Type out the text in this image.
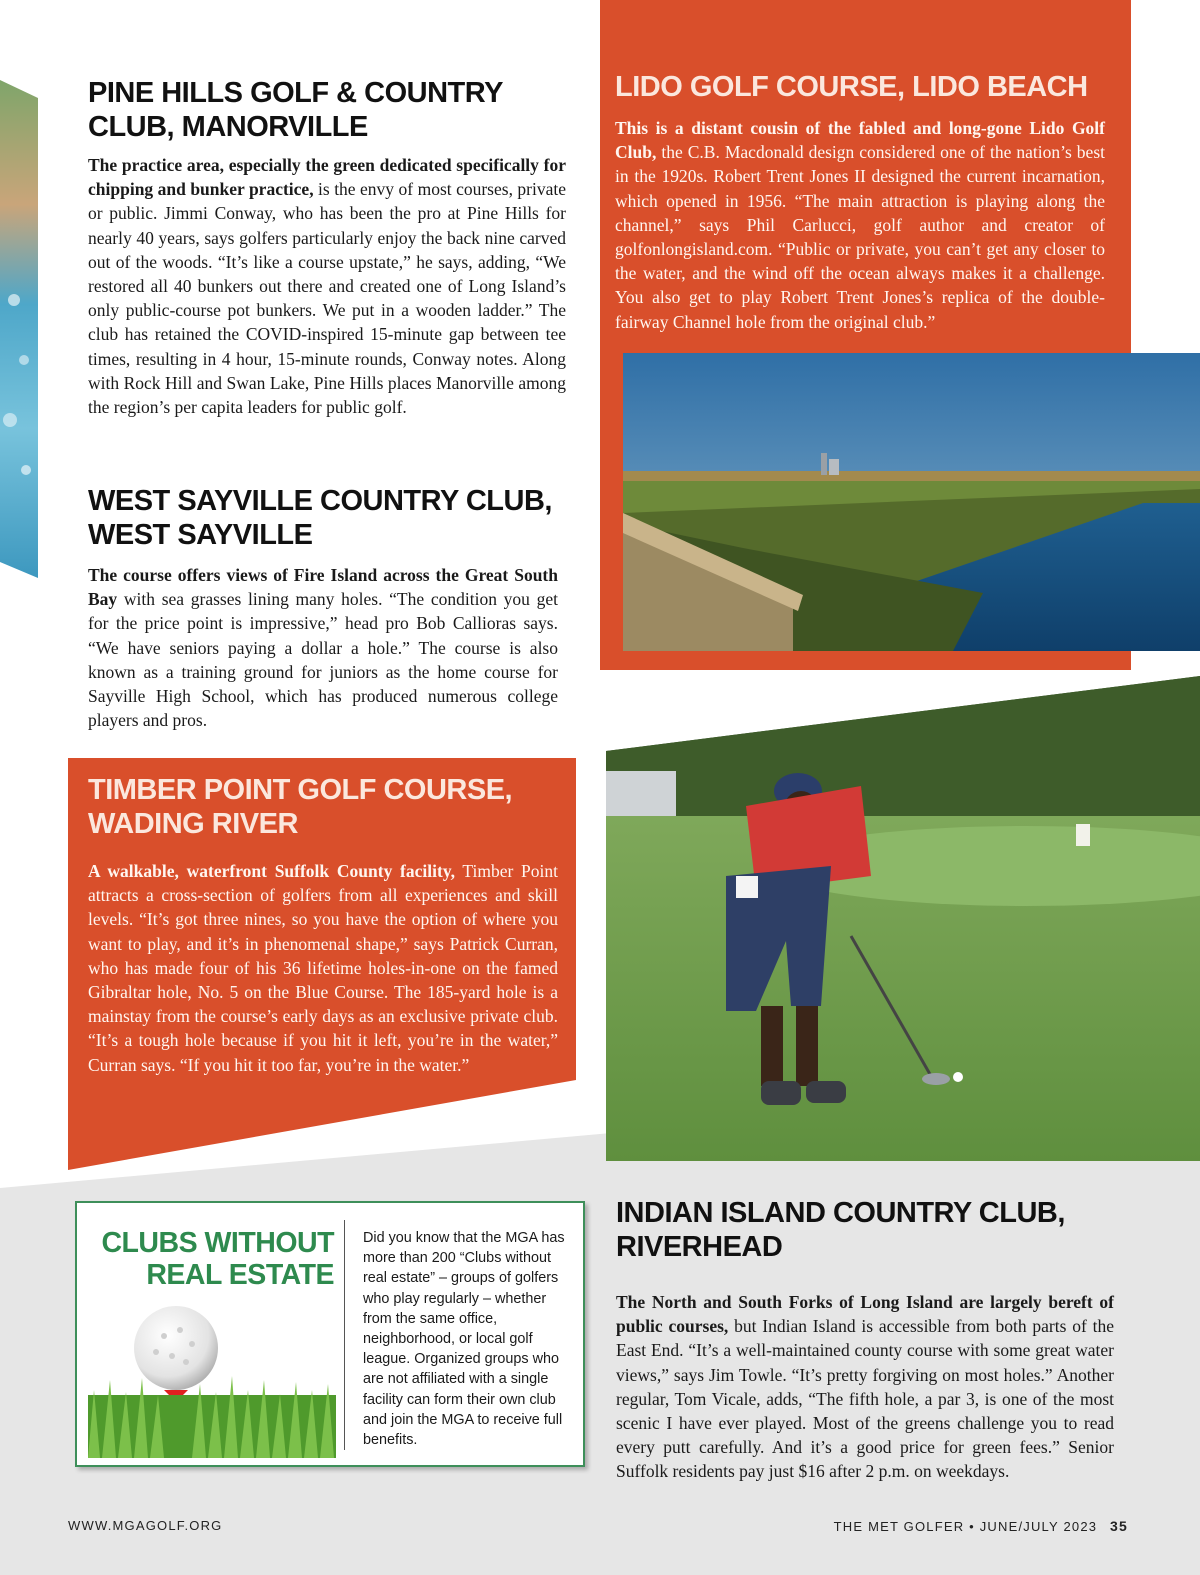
PINE HILLS GOLF & COUNTRY
CLUB, MANORVILLE

The practice area, especially the green dedicated specifically for chipping and bunker practice, is the envy of most courses, private or public. Jimmi Conway, who has been the pro at Pine Hills for nearly 40 years, says golfers particularly enjoy the back nine carved out of the woods. “It’s like a course upstate,” he says, adding, “We restored all 40 bunkers out there and created one of Long Island’s only public-course pot bunkers. We put in a wooden ladder.” The club has retained the COVID-inspired 15-minute gap between tee times, resulting in 4 hour, 15-minute rounds, Conway notes. Along with Rock Hill and Swan Lake, Pine Hills places Manorville among the region’s per capita leaders for public golf.

WEST SAYVILLE COUNTRY CLUB,
WEST SAYVILLE

The course offers views of Fire Island across the Great South Bay with sea grasses lining many holes. “The condition you get for the price point is impressive,” head pro Bob Callioras says. “We have seniors paying a dollar a hole.” The course is also known as a training ground for juniors as the home course for Sayville High School, which has produced numerous college players and pros.

LIDO GOLF COURSE, LIDO BEACH

This is a distant cousin of the fabled and long-gone Lido Golf Club, the C.B. Macdonald design considered one of the nation’s best in the 1920s. Robert Trent Jones II designed the current incarnation, which opened in 1956. “The main attraction is playing along the channel,” says Phil Carlucci, golf author and creator of golfonlongisland.com. “Public or private, you can’t get any closer to the water, and the wind off the ocean always makes it a challenge. You also get to play Robert Trent Jones’s replica of the double-fairway Channel hole from the original club.”

TIMBER POINT GOLF COURSE,
WADING RIVER

A walkable, waterfront Suffolk County facility, Timber Point attracts a cross-section of golfers from all experiences and skill levels. “It’s got three nines, so you have the option of where you want to play, and it’s in phenomenal shape,” says Patrick Curran, who has made four of his 36 lifetime holes-in-one on the famed Gibraltar hole, No. 5 on the Blue Course. The 185-yard hole is a mainstay from the course’s early days as an exclusive private club. “It’s a tough hole because if you hit it left, you’re in the water,” Curran says. “If you hit it too far, you’re in the water.”

CLUBS WITHOUT
REAL ESTATE

Did you know that the MGA has more than 200 “Clubs without real estate” – groups of golfers who play regularly – whether from the same office, neighborhood, or local golf league. Organized groups who are not affiliated with a single facility can form their own club and join the MGA to receive full benefits.

INDIAN ISLAND COUNTRY CLUB,
RIVERHEAD

The North and South Forks of Long Island are largely bereft of public courses, but Indian Island is accessible from both parts of the East End. “It’s a well-maintained county course with some great water views,” says Jim Towle. “It’s pretty forgiving on most holes.” Another regular, Tom Vicale, adds, “The fifth hole, a par 3, is one of the most scenic I have ever played. Most of the greens challenge you to read every putt carefully. And it’s a good price for green fees.” Senior Suffolk residents pay just $16 after 2 p.m. on weekdays.

WWW.MGAGOLF.ORG	THE MET GOLFER • JUNE/JULY 2023 35
